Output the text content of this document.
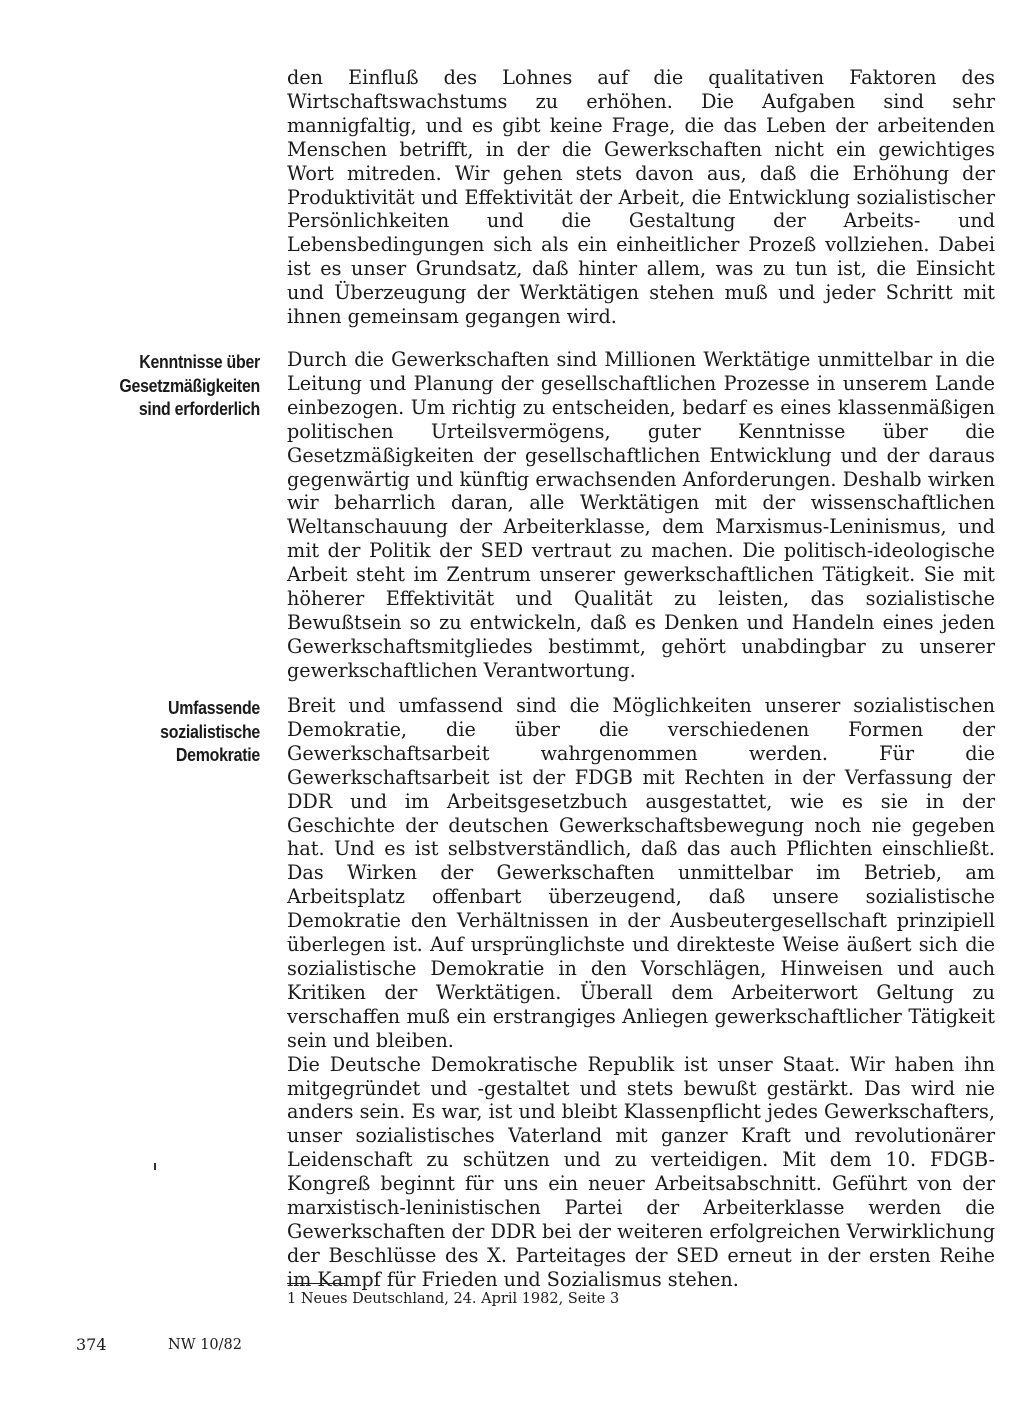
den Einfluß des Lohnes auf die qualitativen Faktoren des Wirtschaftswachstums zu erhöhen. Die Aufgaben sind sehr mannigfaltig, und es gibt keine Frage, die das Leben der arbeitenden Menschen betrifft, in der die Gewerkschaften nicht ein gewichtiges Wort mitreden. Wir gehen stets davon aus, daß die Erhöhung der Produktivität und Effektivität der Arbeit, die Entwicklung sozialistischer Persönlichkeiten und die Gestaltung der Arbeits- und Lebensbedingungen sich als ein einheitlicher Prozeß vollziehen. Dabei ist es unser Grundsatz, daß hinter allem, was zu tun ist, die Einsicht und Überzeugung der Werktätigen stehen muß und jeder Schritt mit ihnen gemeinsam gegangen wird.

Kenntnisse über
Gesetzmäßigkeiten
sind erforderlich

Durch die Gewerkschaften sind Millionen Werktätige unmittelbar in die Leitung und Planung der gesellschaftlichen Prozesse in unserem Lande einbezogen. Um richtig zu entscheiden, bedarf es eines klassenmäßigen politischen Urteilsvermögens, guter Kenntnisse über die Gesetzmäßigkeiten der gesellschaftlichen Entwicklung und der daraus gegenwärtig und künftig erwachsenden Anforderungen. Deshalb wirken wir beharrlich daran, alle Werktätigen mit der wissenschaftlichen Weltanschauung der Arbeiterklasse, dem Marxismus-Leninismus, und mit der Politik der SED vertraut zu machen. Die politisch-ideologische Arbeit steht im Zentrum unserer gewerkschaftlichen Tätigkeit. Sie mit höherer Effektivität und Qualität zu leisten, das sozialistische Bewußtsein so zu entwickeln, daß es Denken und Handeln eines jeden Gewerkschaftsmitgliedes bestimmt, gehört unabdingbar zu unserer gewerkschaftlichen Verantwortung.

Umfassende
sozialistische
Demokratie

Breit und umfassend sind die Möglichkeiten unserer sozialistischen Demokratie, die über die verschiedenen Formen der Gewerkschaftsarbeit wahrgenommen werden. Für die Gewerkschaftsarbeit ist der FDGB mit Rechten in der Verfassung der DDR und im Arbeitsgesetzbuch ausgestattet, wie es sie in der Geschichte der deutschen Gewerkschaftsbewegung noch nie gegeben hat. Und es ist selbstverständlich, daß das auch Pflichten einschließt. Das Wirken der Gewerkschaften unmittelbar im Betrieb, am Arbeitsplatz offenbart überzeugend, daß unsere sozialistische Demokratie den Verhältnissen in der Ausbeutergesellschaft prinzipiell überlegen ist. Auf ursprünglichste und direkteste Weise äußert sich die sozialistische Demokratie in den Vorschlägen, Hinweisen und auch Kritiken der Werktätigen. Überall dem Arbeiterwort Geltung zu verschaffen muß ein erstrangiges Anliegen gewerkschaftlicher Tätigkeit sein und bleiben.

Die Deutsche Demokratische Republik ist unser Staat. Wir haben ihn mitgegründet und -gestaltet und stets bewußt gestärkt. Das wird nie anders sein. Es war, ist und bleibt Klassenpflicht jedes Gewerkschafters, unser sozialistisches Vaterland mit ganzer Kraft und revolutionärer Leidenschaft zu schützen und zu verteidigen. Mit dem 10. FDGB-Kongreß beginnt für uns ein neuer Arbeitsabschnitt. Geführt von der marxistisch-leninistischen Partei der Arbeiterklasse werden die Gewerkschaften der DDR bei der weiteren erfolgreichen Verwirklichung der Beschlüsse des X. Parteitages der SED erneut in der ersten Reihe im Kampf für Frieden und Sozialismus stehen.

1 Neues Deutschland, 24. April 1982, Seite 3
374	NW 10/82
